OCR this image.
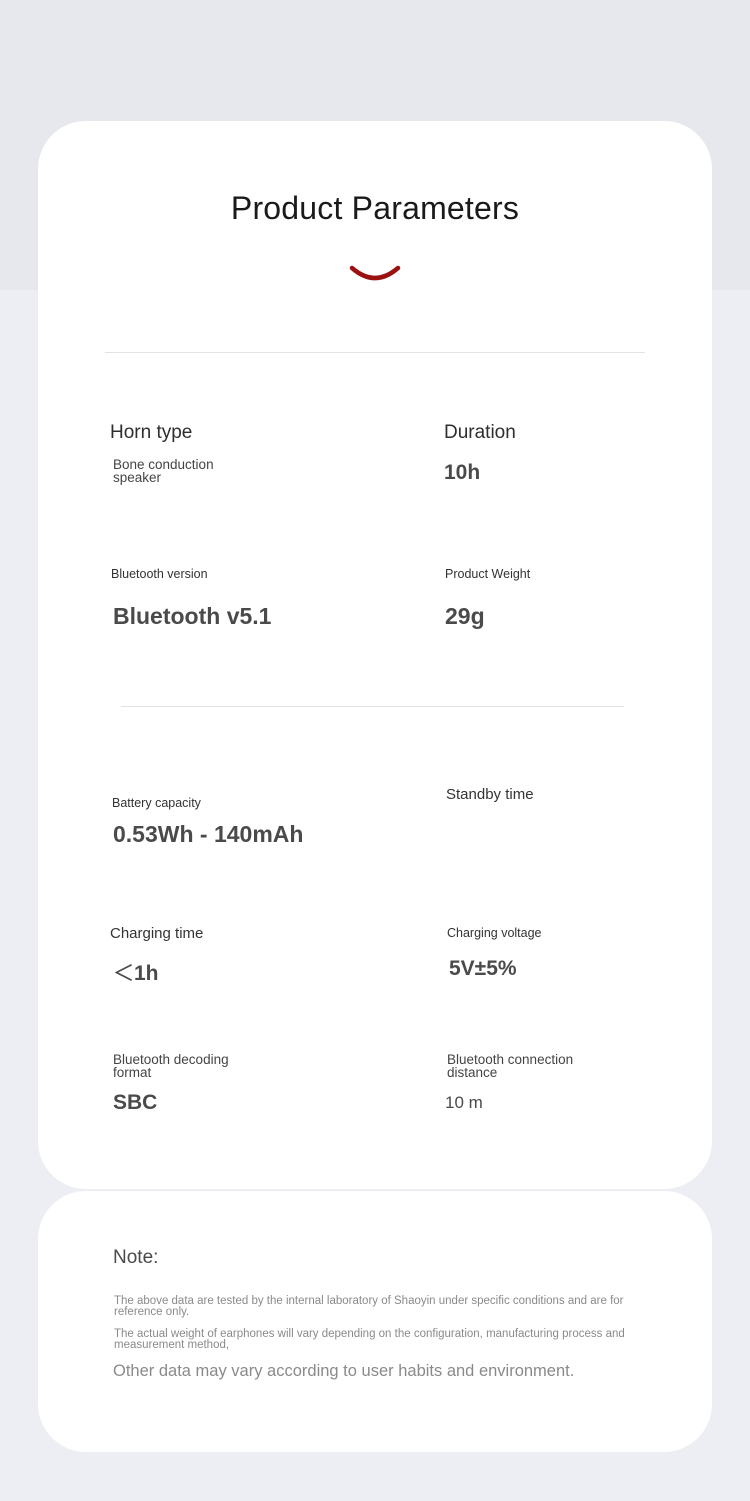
Product Parameters
Horn type
Bone conduction speaker
Duration
10h
Bluetooth version
Bluetooth v5.1
Product Weight
29g
Battery capacity
0.53Wh - 140mAh
Standby time
Charging time
＜1h
Charging voltage
5V±5%
Bluetooth decoding format
SBC
Bluetooth connection distance
10 m
Note:
The above data are tested by the internal laboratory of Shaoyin under specific conditions and are for reference only.
The actual weight of earphones will vary depending on the configuration, manufacturing process and measurement method,
Other data may vary according to user habits and environment.
